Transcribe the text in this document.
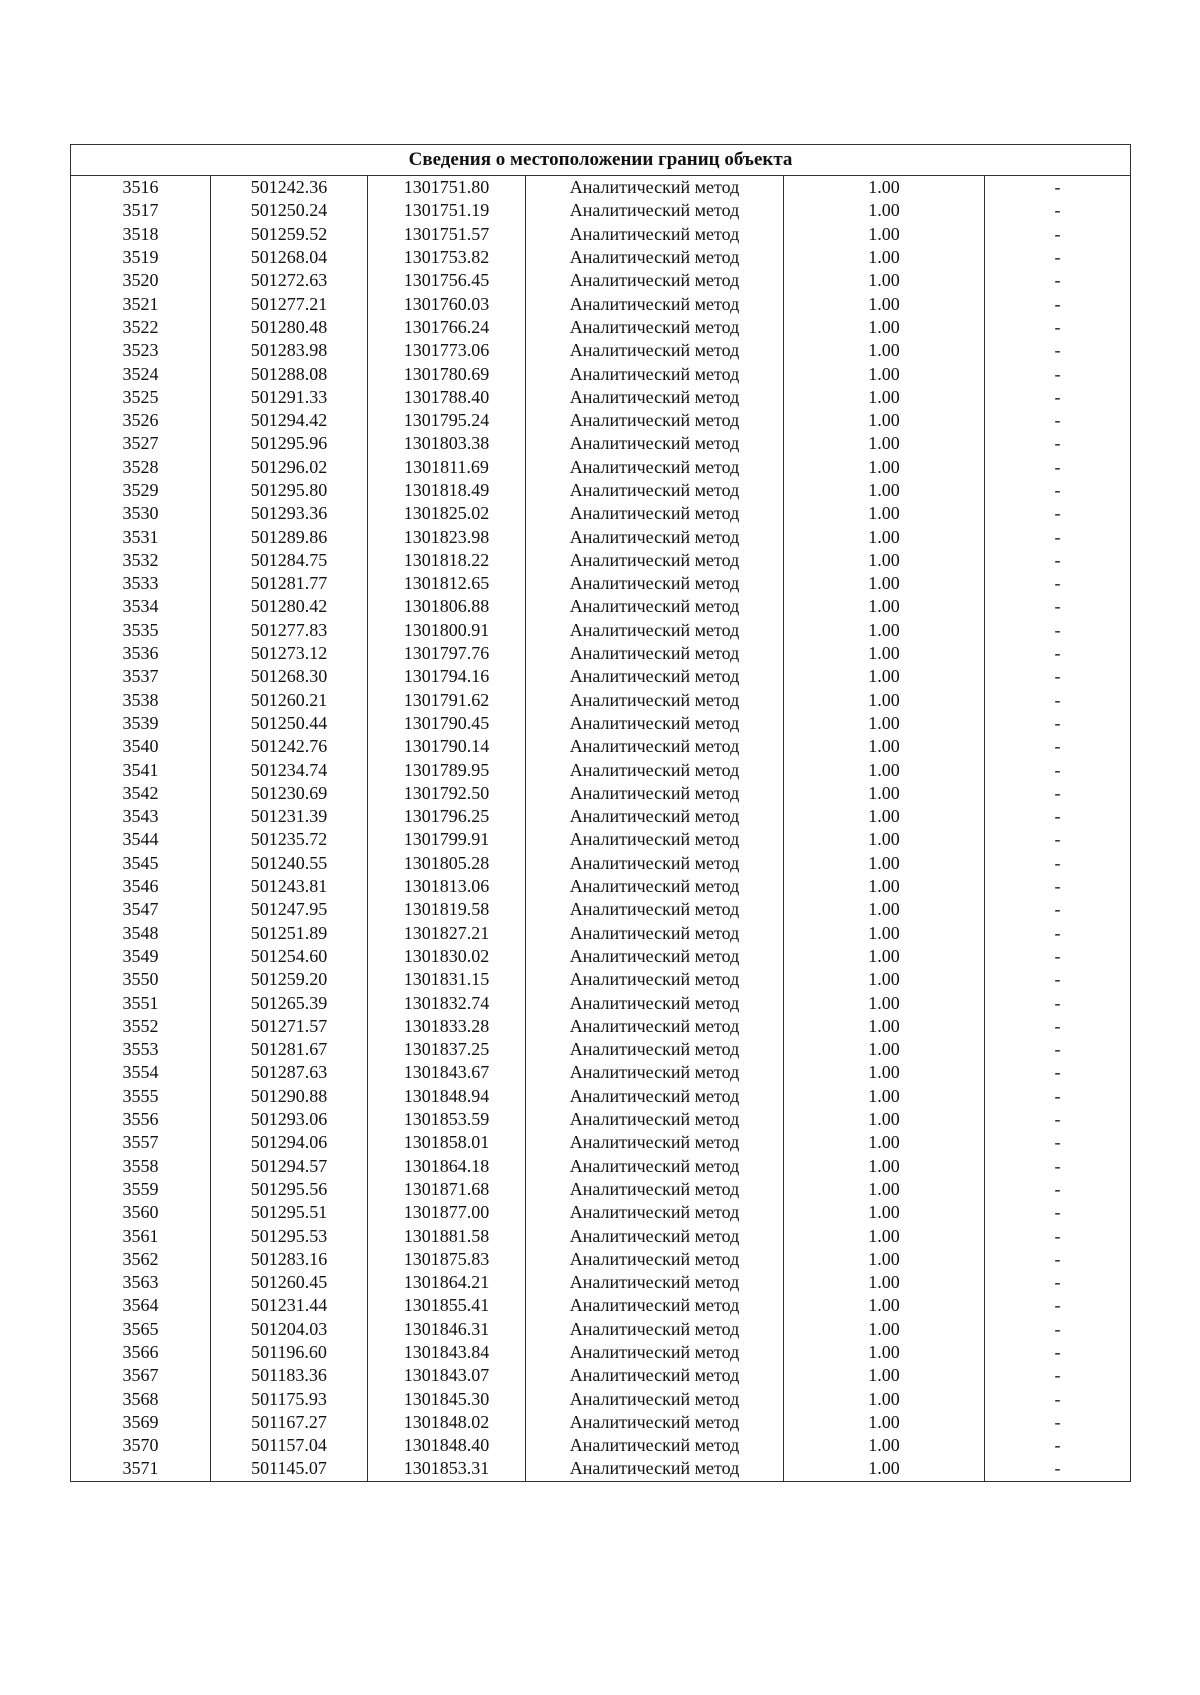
Сведения о местоположении границ объекта					
3516	501242.36	1301751.80	Аналитический метод	1.00	-
3517	501250.24	1301751.19	Аналитический метод	1.00	-
3518	501259.52	1301751.57	Аналитический метод	1.00	-
3519	501268.04	1301753.82	Аналитический метод	1.00	-
3520	501272.63	1301756.45	Аналитический метод	1.00	-
3521	501277.21	1301760.03	Аналитический метод	1.00	-
3522	501280.48	1301766.24	Аналитический метод	1.00	-
3523	501283.98	1301773.06	Аналитический метод	1.00	-
3524	501288.08	1301780.69	Аналитический метод	1.00	-
3525	501291.33	1301788.40	Аналитический метод	1.00	-
3526	501294.42	1301795.24	Аналитический метод	1.00	-
3527	501295.96	1301803.38	Аналитический метод	1.00	-
3528	501296.02	1301811.69	Аналитический метод	1.00	-
3529	501295.80	1301818.49	Аналитический метод	1.00	-
3530	501293.36	1301825.02	Аналитический метод	1.00	-
3531	501289.86	1301823.98	Аналитический метод	1.00	-
3532	501284.75	1301818.22	Аналитический метод	1.00	-
3533	501281.77	1301812.65	Аналитический метод	1.00	-
3534	501280.42	1301806.88	Аналитический метод	1.00	-
3535	501277.83	1301800.91	Аналитический метод	1.00	-
3536	501273.12	1301797.76	Аналитический метод	1.00	-
3537	501268.30	1301794.16	Аналитический метод	1.00	-
3538	501260.21	1301791.62	Аналитический метод	1.00	-
3539	501250.44	1301790.45	Аналитический метод	1.00	-
3540	501242.76	1301790.14	Аналитический метод	1.00	-
3541	501234.74	1301789.95	Аналитический метод	1.00	-
3542	501230.69	1301792.50	Аналитический метод	1.00	-
3543	501231.39	1301796.25	Аналитический метод	1.00	-
3544	501235.72	1301799.91	Аналитический метод	1.00	-
3545	501240.55	1301805.28	Аналитический метод	1.00	-
3546	501243.81	1301813.06	Аналитический метод	1.00	-
3547	501247.95	1301819.58	Аналитический метод	1.00	-
3548	501251.89	1301827.21	Аналитический метод	1.00	-
3549	501254.60	1301830.02	Аналитический метод	1.00	-
3550	501259.20	1301831.15	Аналитический метод	1.00	-
3551	501265.39	1301832.74	Аналитический метод	1.00	-
3552	501271.57	1301833.28	Аналитический метод	1.00	-
3553	501281.67	1301837.25	Аналитический метод	1.00	-
3554	501287.63	1301843.67	Аналитический метод	1.00	-
3555	501290.88	1301848.94	Аналитический метод	1.00	-
3556	501293.06	1301853.59	Аналитический метод	1.00	-
3557	501294.06	1301858.01	Аналитический метод	1.00	-
3558	501294.57	1301864.18	Аналитический метод	1.00	-
3559	501295.56	1301871.68	Аналитический метод	1.00	-
3560	501295.51	1301877.00	Аналитический метод	1.00	-
3561	501295.53	1301881.58	Аналитический метод	1.00	-
3562	501283.16	1301875.83	Аналитический метод	1.00	-
3563	501260.45	1301864.21	Аналитический метод	1.00	-
3564	501231.44	1301855.41	Аналитический метод	1.00	-
3565	501204.03	1301846.31	Аналитический метод	1.00	-
3566	501196.60	1301843.84	Аналитический метод	1.00	-
3567	501183.36	1301843.07	Аналитический метод	1.00	-
3568	501175.93	1301845.30	Аналитический метод	1.00	-
3569	501167.27	1301848.02	Аналитический метод	1.00	-
3570	501157.04	1301848.40	Аналитический метод	1.00	-
3571	501145.07	1301853.31	Аналитический метод	1.00	-
